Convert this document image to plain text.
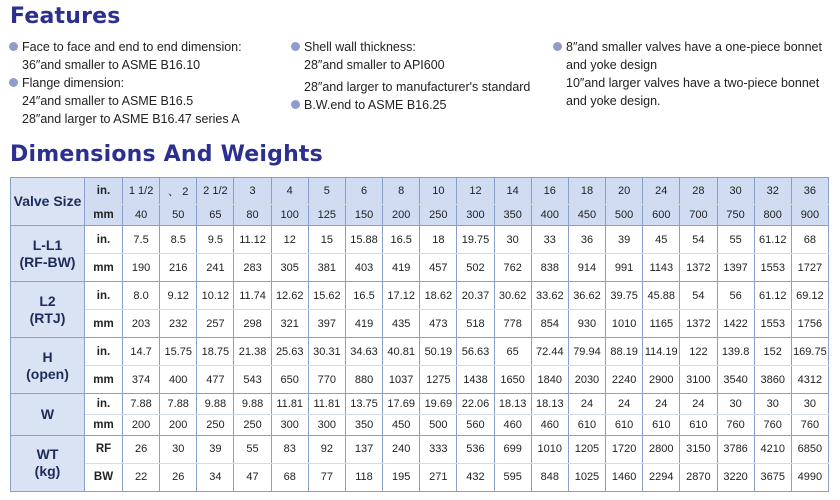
Features
Face to face and end to end dimension:
36″and smaller to ASME B16.10
Flange dimension:
24″and smaller to ASME B16.5
28″and larger to ASME B16.47 series A
Shell wall thickness:
28″and smaller to API600
28″and larger to manufacturer's standard
B.W.end to ASME B16.25
8″and smaller valves have a one-piece bonnet
and yoke design
10″and larger valves have a two-piece bonnet
and yoke design.
Dimensions And Weights
Valve Size	in.	1 1/2	、 2	2 1/2	3	4	5	6	8	10	12	14	16	18	20	24	28	30	32	36
	mm	40	50	65	80	100	125	150	200	250	300	350	400	450	500	600	700	750	800	900

L-L1
(RF-BW)	in.	7.5	8.5	9.5	11.12	12	15	15.88	16.5	18	19.75	30	33	36	39	45	54	55	61.12	68
	mm	190	216	241	283	305	381	403	419	457	502	762	838	914	991	1143	1372	1397	1553	1727

L2
(RTJ)	in.	8.0	9.12	10.12	11.74	12.62	15.62	16.5	17.12	18.62	20.37	30.62	33.62	36.62	39.75	45.88	54	56	61.12	69.12
	mm	203	232	257	298	321	397	419	435	473	518	778	854	930	1010	1165	1372	1422	1553	1756

H
(open)	in.	14.7	15.75	18.75	21.38	25.63	30.31	34.63	40.81	50.19	56.63	65	72.44	79.94	88.19	114.19	122	139.8	152	169.75
	mm	374	400	477	543	650	770	880	1037	1275	1438	1650	1840	2030	2240	2900	3100	3540	3860	4312

W	in.	7.88	7.88	9.88	9.88	11.81	11.81	13.75	17.69	19.69	22.06	18.13	18.13	24	24	24	24	30	30	30
	mm	200	200	250	250	300	300	350	450	500	560	460	460	610	610	610	610	760	760	760

WT
(kg)	RF	26	30	39	55	83	92	137	240	333	536	699	1010	1205	1720	2800	3150	3786	4210	6850
	BW	22	26	34	47	68	77	118	195	271	432	595	848	1025	1460	2294	2870	3220	3675	4990
